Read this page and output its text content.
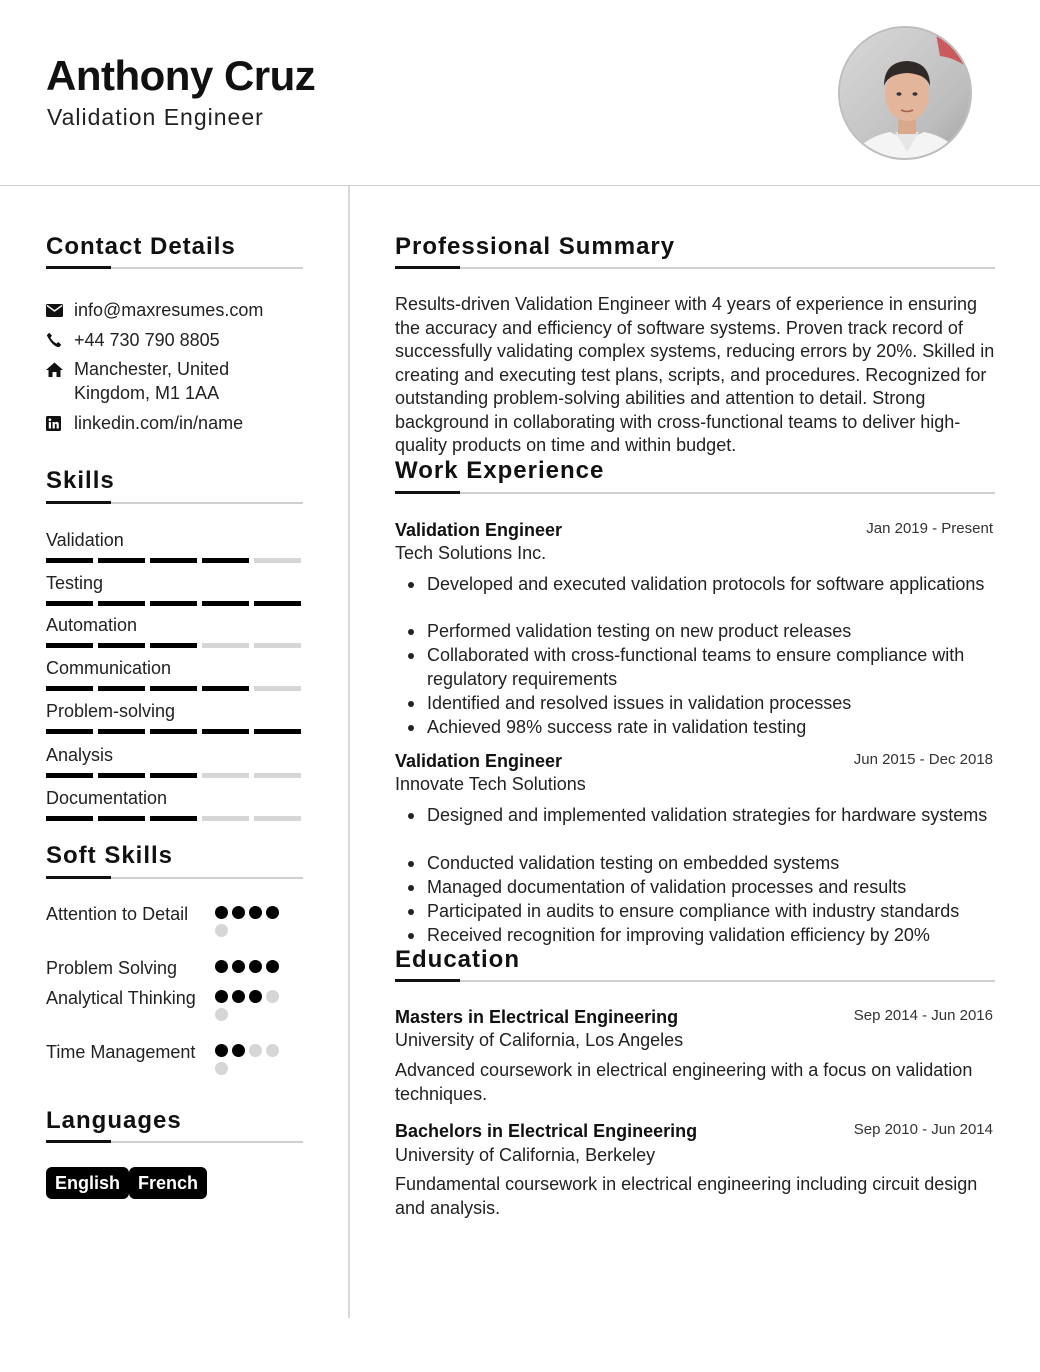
Anthony Cruz
Validation Engineer
Contact Details
info@maxresumes.com
+44 730 790 8805
Manchester, United Kingdom, M1 1AA
linkedin.com/in/name
Skills
Validation
Testing
Automation
Communication
Problem-solving
Analysis
Documentation
Soft Skills
Attention to Detail
Problem Solving
Analytical Thinking
Time Management
Languages
English French
Professional Summary
Results-driven Validation Engineer with 4 years of experience in ensuring the accuracy and efficiency of software systems. Proven track record of successfully validating complex systems, reducing errors by 20%. Skilled in creating and executing test plans, scripts, and procedures. Recognized for outstanding problem-solving abilities and attention to detail. Strong background in collaborating with cross-functional teams to deliver high-quality products on time and within budget.
Work Experience
Validation Engineer	Jan 2019 - Present
Tech Solutions Inc.
Developed and executed validation protocols for software applications
Performed validation testing on new product releases
Collaborated with cross-functional teams to ensure compliance with regulatory requirements
Identified and resolved issues in validation processes
Achieved 98% success rate in validation testing
Validation Engineer	Jun 2015 - Dec 2018
Innovate Tech Solutions
Designed and implemented validation strategies for hardware systems
Conducted validation testing on embedded systems
Managed documentation of validation processes and results
Participated in audits to ensure compliance with industry standards
Received recognition for improving validation efficiency by 20%
Education
Masters in Electrical Engineering	Sep 2014 - Jun 2016
University of California, Los Angeles
Advanced coursework in electrical engineering with a focus on validation techniques.
Bachelors in Electrical Engineering	Sep 2010 - Jun 2014
University of California, Berkeley
Fundamental coursework in electrical engineering including circuit design and analysis.
